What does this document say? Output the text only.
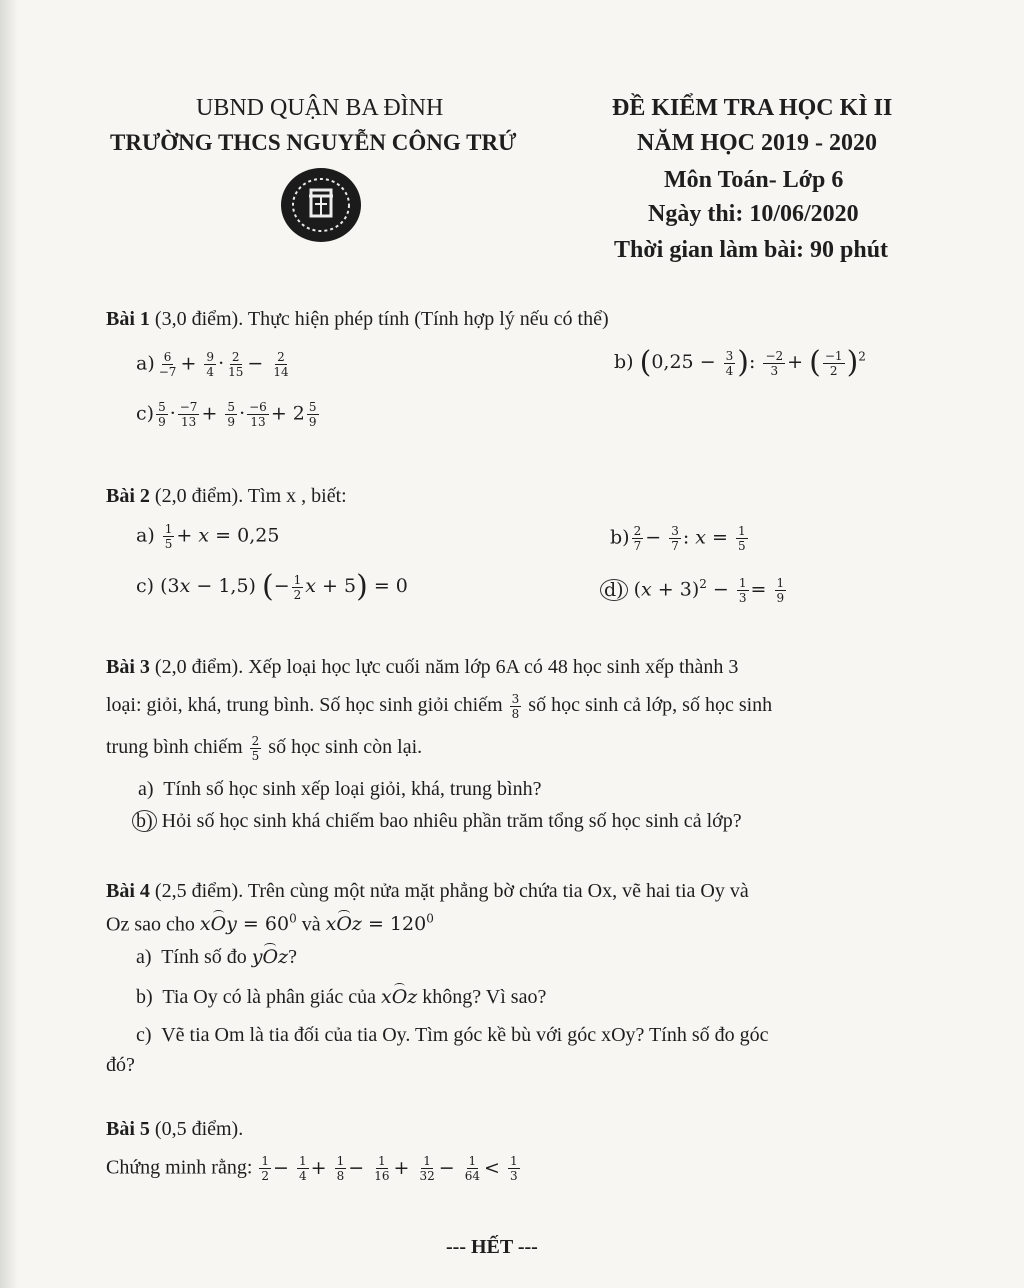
UBND QUẬN BA ĐÌNH
TRƯỜNG THCS NGUYỄN CÔNG TRỨ
ĐỀ KIỂM TRA HỌC KÌ II
NĂM HỌC 2019 - 2020
Môn Toán- Lớp 6
Ngày thi: 10/06/2020
Thời gian làm bài: 90 phút
Bài 1 (3,0 điểm). Thực hiện phép tính (Tính hợp lý nếu có thể)
$a) \frac{6}{-7} + \frac{9}{4} \cdot \frac{2}{15} - \frac{2}{14}$	b) ($0,25 - \frac{3}{4}$ ): $\frac{-2}{3}$ + ( $\frac{-1}{2} )^2$
$c) \frac{5}{9} \cdot \frac{-7}{13} + \frac{5}{9} \cdot \frac{-6}{13} + 2 \frac{5}{9}$
Bài 2 (2,0 điểm). Tìm x , biết:
$a) \frac{1}{5} + x = 0,25$	$b) \frac{2}{7} - \frac{3}{7}$ : $x = \frac{1}{5}$
c) (3x − 1,5) (− $\frac{1}{2}$ x + 5) = 0	d) $(x + 3)^2 - \frac{1}{3} = \frac{1}{9}$
Bài 3 (2,0 điểm). Xếp loại học lực cuối năm lớp 6A có 48 học sinh xếp thành 3
loại: giỏi, khá, trung bình. Số học sinh giỏi chiếm $\frac{3}{8}$ số học sinh cả lớp, số học sinh
trung bình chiếm $\frac{2}{5}$ số học sinh còn lại.
a)  Tính số học sinh xếp loại giỏi, khá, trung bình?
b) Hỏi số học sinh khá chiếm bao nhiêu phần trăm tổng số học sinh cả lớp?
Bài 4 (2,5 điểm). Trên cùng một nửa mặt phẳng bờ chứa tia Ox, vẽ hai tia Oy và
Oz sao cho xOy = $60^0$ và xOz = $120^0$
a)  Tính số đo yOz?
b)  Tia Oy có là phân giác của xOz không? Vì sao?
c)  Vẽ tia Om là tia đối của tia Oy. Tìm góc kề bù với góc xOy? Tính số đo góc
đó?
Bài 5 (0,5 điểm).
Chứng minh rằng: $\frac{1}{2} - \frac{1}{4} + \frac{1}{8} - \frac{1}{16} + \frac{1}{32} - \frac{1}{64} < \frac{1}{3}$
--- HẾT ---
